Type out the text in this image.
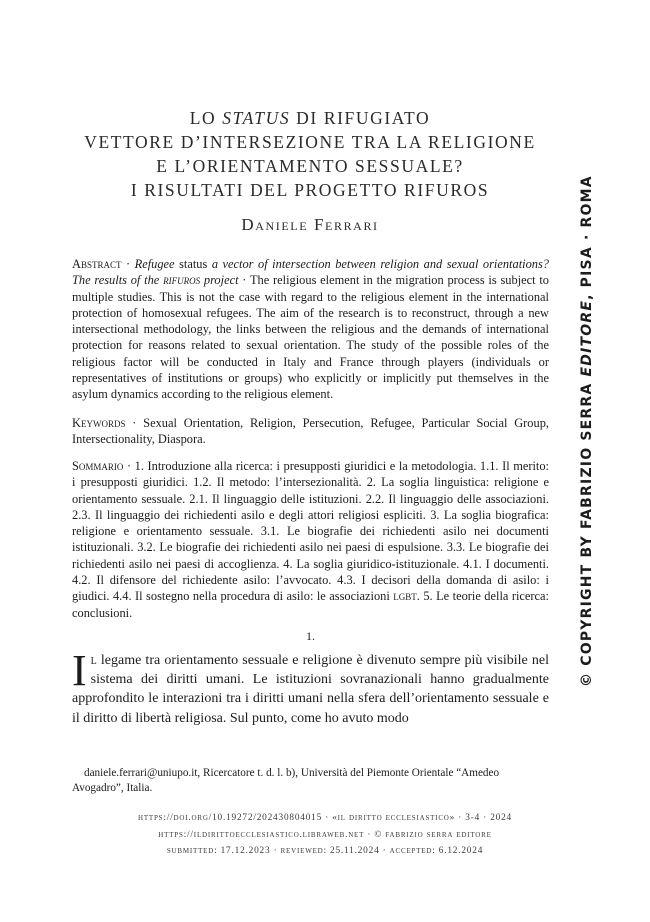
LO STATUS DI RIFUGIATO
VETTORE D’INTERSEZIONE TRA LA RELIGIONE
E L’ORIENTAMENTO SESSUALE?
I RISULTATI DEL PROGETTO RIFUROS
Daniele Ferrari
Abstract · Refugee status a vector of intersection between religion and sexual orientations? The results of the rifuros project · The religious element in the migration process is subject to multiple studies. This is not the case with regard to the religious element in the international protection of homosexual refugees. The aim of the research is to reconstruct, through a new intersectional methodology, the links between the religious and the demands of international protection for reasons related to sexual orientation. The study of the possible roles of the religious factor will be conducted in Italy and France through players (individuals or representatives of institutions or groups) who explicitly or implicitly put themselves in the asylum dynamics according to the religious element.
Keywords · Sexual Orientation, Religion, Persecution, Refugee, Particular Social Group, Intersectionality, Diaspora.
Sommario · 1. Introduzione alla ricerca: i presupposti giuridici e la metodologia. 1.1. Il merito: i presupposti giuridici. 1.2. Il metodo: l’intersezionalità. 2. La soglia linguistica: religione e orientamento sessuale. 2.1. Il linguaggio delle istituzioni. 2.2. Il linguaggio delle associazioni. 2.3. Il linguaggio dei richiedenti asilo e degli attori religiosi espliciti. 3. La soglia biografica: religione e orientamento sessuale. 3.1. Le biografie dei richiedenti asilo nei documenti istituzionali. 3.2. Le biografie dei richiedenti asilo nei paesi di espulsione. 3.3. Le biografie dei richiedenti asilo nei paesi di accoglienza. 4. La soglia giuridico-istituzionale. 4.1. I documenti. 4.2. Il difensore del richiedente asilo: l’avvocato. 4.3. I decisori della domanda di asilo: i giudici. 4.4. Il sostegno nella procedura di asilo: le associazioni lgbt. 5. Le teorie della ricerca: conclusioni.
1.
Il legame tra orientamento sessuale e religione è divenuto sempre più visibile nel sistema dei diritti umani. Le istituzioni sovranazionali hanno gradualmente approfondito le interazioni tra i diritti umani nella sfera dell’orientamento sessuale e il diritto di libertà religiosa. Sul punto, come ho avuto modo
daniele.ferrari@uniupo.it, Ricercatore t. d. l. b), Università del Piemonte Orientale “Amedeo Avogadro”, Italia.
https://doi.org/10.19272/202430804015 · «il diritto ecclesiastico» · 3-4 · 2024
https://ildirittoecclesiastico.libraweb.net · © fabrizio serra editore
submitted: 17.12.2023 · reviewed: 25.11.2024 · accepted: 6.12.2024
© COPYRIGHT BY FABRIZIO SERRA EDITORE, PISA · ROMA
